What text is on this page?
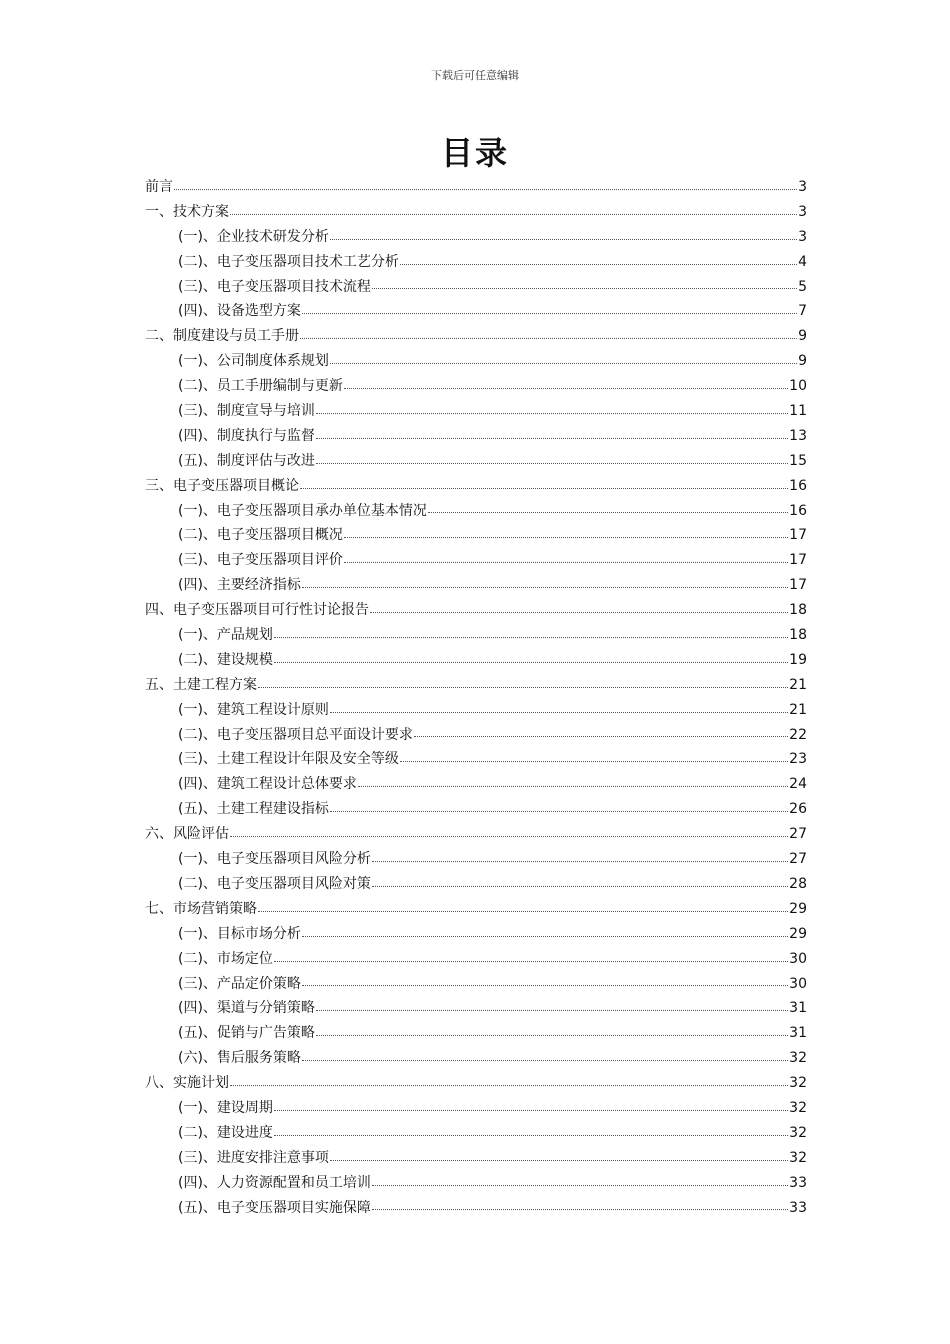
下载后可任意编辑
目录
前言	3
一、技术方案	3
(一)、企业技术研发分析	3
(二)、电子变压器项目技术工艺分析	4
(三)、电子变压器项目技术流程	5
(四)、设备选型方案	7
二、制度建设与员工手册	9
(一)、公司制度体系规划	9
(二)、员工手册编制与更新	10
(三)、制度宣导与培训	11
(四)、制度执行与监督	13
(五)、制度评估与改进	15
三、电子变压器项目概论	16
(一)、电子变压器项目承办单位基本情况	16
(二)、电子变压器项目概况	17
(三)、电子变压器项目评价	17
(四)、主要经济指标	17
四、电子变压器项目可行性讨论报告	18
(一)、产品规划	18
(二)、建设规模	19
五、土建工程方案	21
(一)、建筑工程设计原则	21
(二)、电子变压器项目总平面设计要求	22
(三)、土建工程设计年限及安全等级	23
(四)、建筑工程设计总体要求	24
(五)、土建工程建设指标	26
六、风险评估	27
(一)、电子变压器项目风险分析	27
(二)、电子变压器项目风险对策	28
七、市场营销策略	29
(一)、目标市场分析	29
(二)、市场定位	30
(三)、产品定价策略	30
(四)、渠道与分销策略	31
(五)、促销与广告策略	31
(六)、售后服务策略	32
八、实施计划	32
(一)、建设周期	32
(二)、建设进度	32
(三)、进度安排注意事项	32
(四)、人力资源配置和员工培训	33
(五)、电子变压器项目实施保障	33
